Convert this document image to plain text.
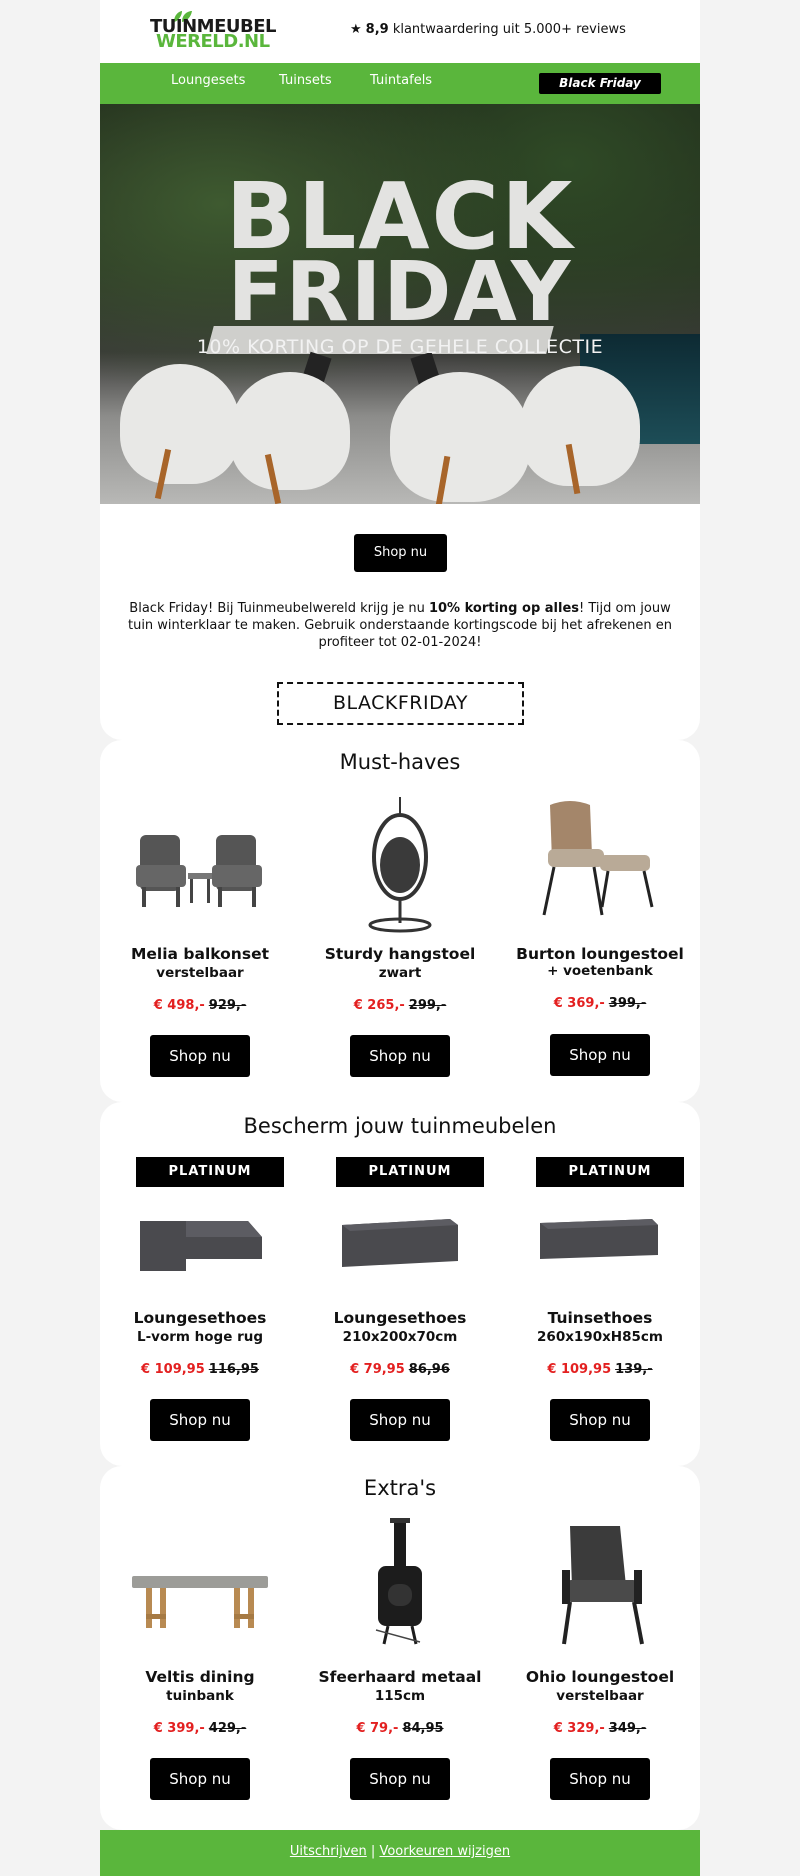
TUINMEUBEL
WERELD.NL
★ 8,9 klantwaardering uit 5.000+ reviews
Loungesets	Tuinsets	Tuintafels	Black Friday
BLACK
FRIDAY
10% KORTING OP DE GEHELE COLLECTIE
Shop nu
Black Friday! Bij Tuinmeubelwereld krijg je nu 10% korting op alles! Tijd om jouw tuin winterklaar te maken. Gebruik onderstaande kortingscode bij het afrekenen en profiteer tot 02-01-2024!
BLACKFRIDAY
Must-haves
Melia balkonset
verstelbaar
€ 498,- 929,-
Shop nu
Sturdy hangstoel
zwart
€ 265,- 299,-
Shop nu
Burton loungestoel
+ voetenbank
€ 369,- 399,-
Shop nu
Bescherm jouw tuinmeubelen
PLATINUM
Loungesethoes
L-vorm hoge rug
€ 109,95 116,95
Shop nu
PLATINUM
Loungesethoes
210x200x70cm
€ 79,95 86,96
Shop nu
PLATINUM
Tuinsethoes
260x190xH85cm
€ 109,95 139,-
Shop nu
Extra's
Veltis dining
tuinbank
€ 399,- 429,-
Shop nu
Sfeerhaard metaal
115cm
€ 79,- 84,95
Shop nu
Ohio loungestoel
verstelbaar
€ 329,- 349,-
Shop nu
Uitschrijven | Voorkeuren wijzigen
